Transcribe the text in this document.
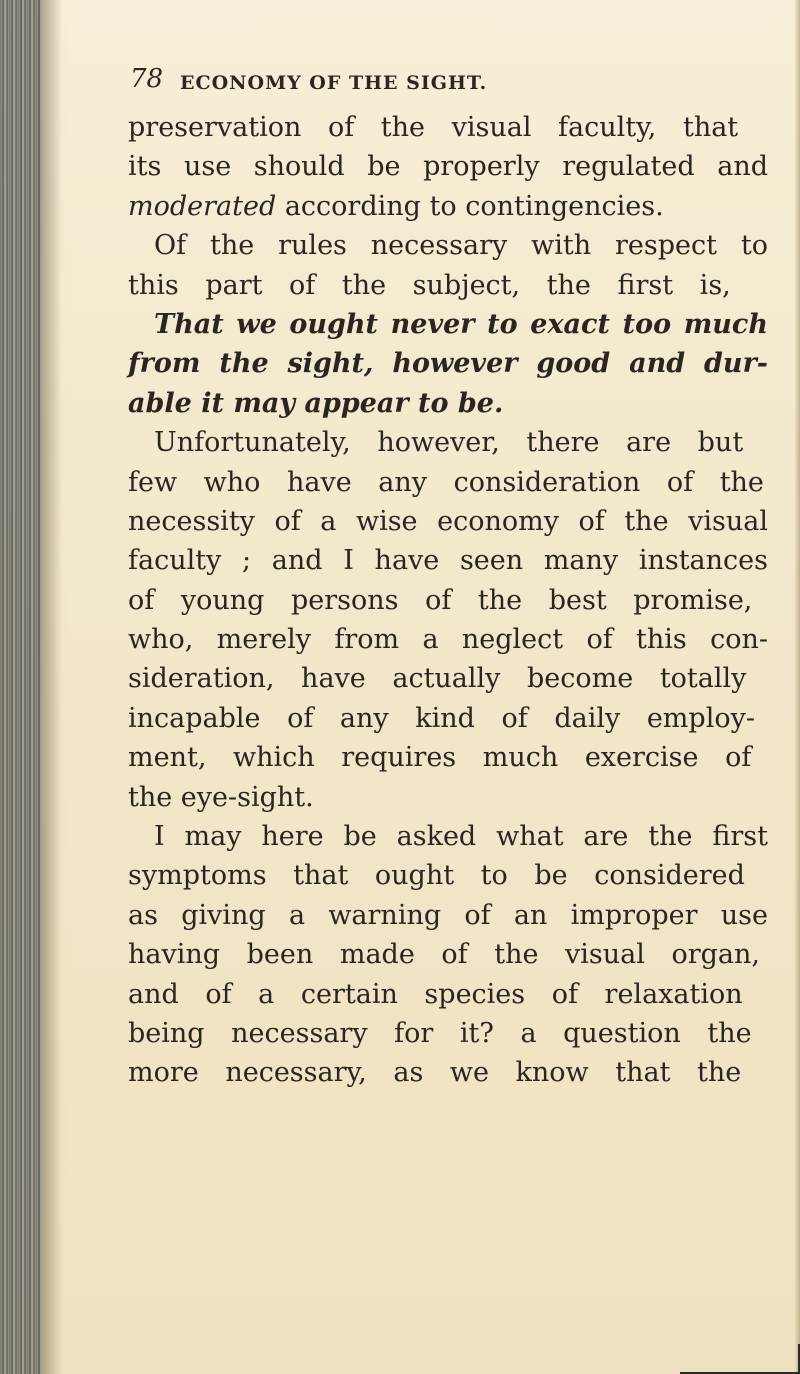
78 ECONOMY OF THE SIGHT.
preservation of the visual faculty, that
its use should be properly regulated and
moderated according to contingencies.
Of the rules necessary with respect to
this part of the subject, the first is,
That we ought never to exact too much
from the sight, however good and dur-
able it may appear to be.
Unfortunately, however, there are but
few who have any consideration of the
necessity of a wise economy of the visual
faculty ; and I have seen many instances
of young persons of the best promise,
who, merely from a neglect of this con-
sideration, have actually become totally
incapable of any kind of daily employ-
ment, which requires much exercise of
the eye-sight.
I may here be asked what are the first
symptoms that ought to be considered
as giving a warning of an improper use
having been made of the visual organ,
and of a certain species of relaxation
being necessary for it? a question the
more necessary, as we know that the
